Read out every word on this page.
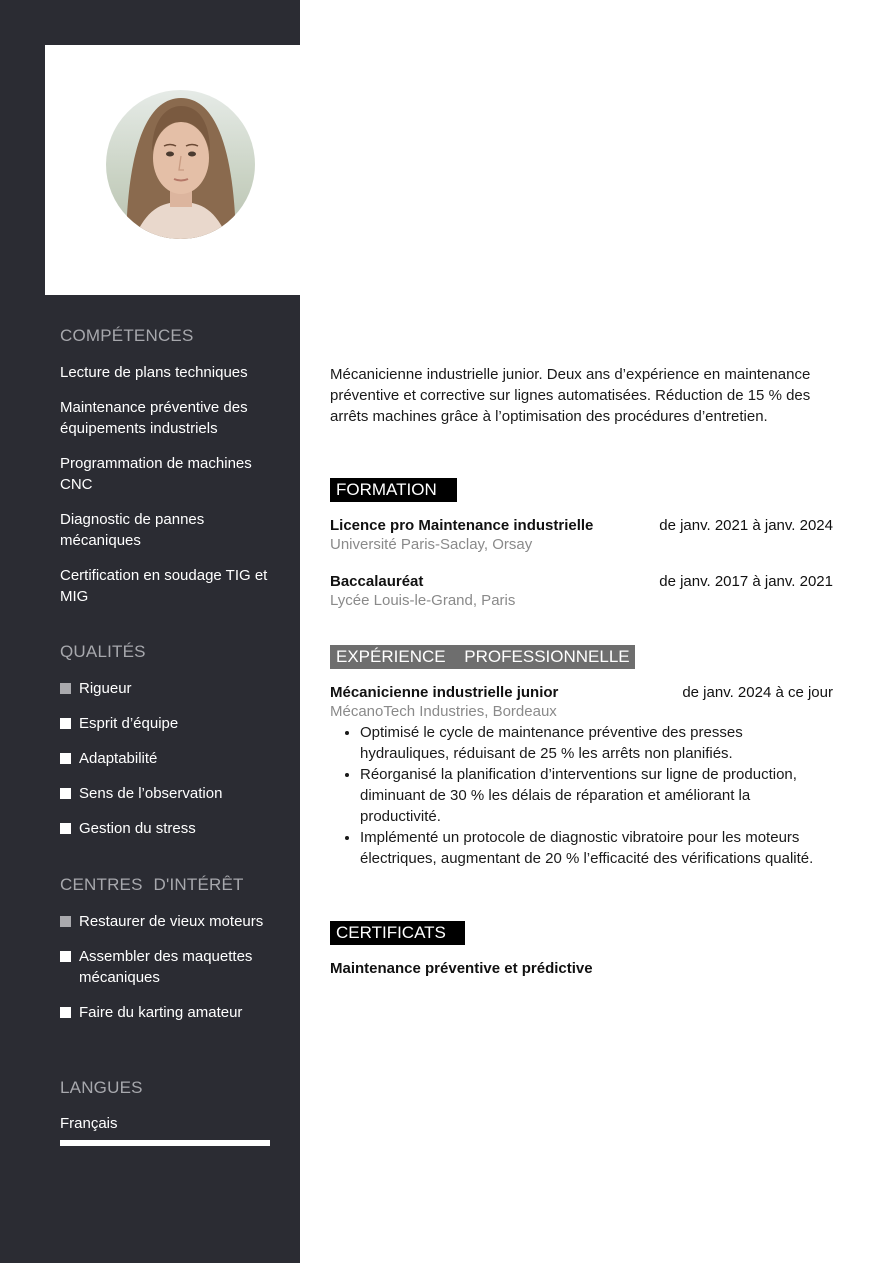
COMPÉTENCES
Lecture de plans techniques
Maintenance préventive des équipements industriels
Programmation de machines CNC
Diagnostic de pannes mécaniques
Certification en soudage TIG et MIG
QUALITÉS
Rigueur
Esprit d’équipe
Adaptabilité
Sens de l’observation
Gestion du stress
CENTRES D'INTÉRÊT
Restaurer de vieux moteurs
Assembler des maquettes mécaniques
Faire du karting amateur
LANGUES
Français

Mécanicienne industrielle junior. Deux ans d’expérience en maintenance préventive et corrective sur lignes automatisées. Réduction de 15 % des arrêts machines grâce à l’optimisation des procédures d’entretien.

FORMATION
Licence pro Maintenance industrielle	de janv. 2021 à janv. 2024
Université Paris-Saclay, Orsay
Baccalauréat	de janv. 2017 à janv. 2021
Lycée Louis-le-Grand, Paris
EXPÉRIENCE PROFESSIONNELLE
Mécanicienne industrielle junior	de janv. 2024 à ce jour
MécanoTech Industries, Bordeaux
• Optimisé le cycle de maintenance préventive des presses hydrauliques, réduisant de 25 % les arrêts non planifiés.
• Réorganisé la planification d’interventions sur ligne de production, diminuant de 30 % les délais de réparation et améliorant la productivité.
• Implémenté un protocole de diagnostic vibratoire pour les moteurs électriques, augmentant de 20 % l’efficacité des vérifications qualité.
CERTIFICATS
Maintenance préventive et prédictive
